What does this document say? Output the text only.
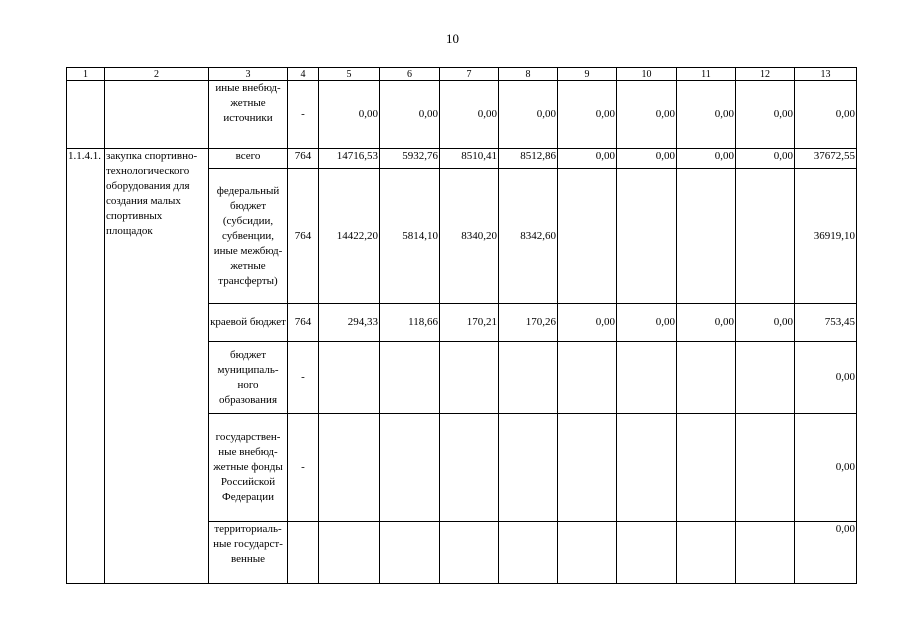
10
1	2	3	4	5	6	7	8	9	10	11	12	13
		иные внебюд-жетные источники	-	0,00	0,00	0,00	0,00	0,00	0,00	0,00	0,00	0,00
1.1.4.1.	закупка спортивно-технологического оборудования для создания малых спортивных площадок	всего	764	14716,53	5932,76	8510,41	8512,86	0,00	0,00	0,00	0,00	37672,55
		федеральный бюджет (субсидии, субвенции, иные межбюд-жетные трансферты)	764	14422,20	5814,10	8340,20	8342,60					36919,10
		краевой бюджет	764	294,33	118,66	170,21	170,26	0,00	0,00	0,00	0,00	753,45
		бюджет муниципаль-ного образования	-									0,00
		государствен-ные внебюд-жетные фонды Российской Федерации	-									0,00
		территориаль-ные государст-венные										0,00
